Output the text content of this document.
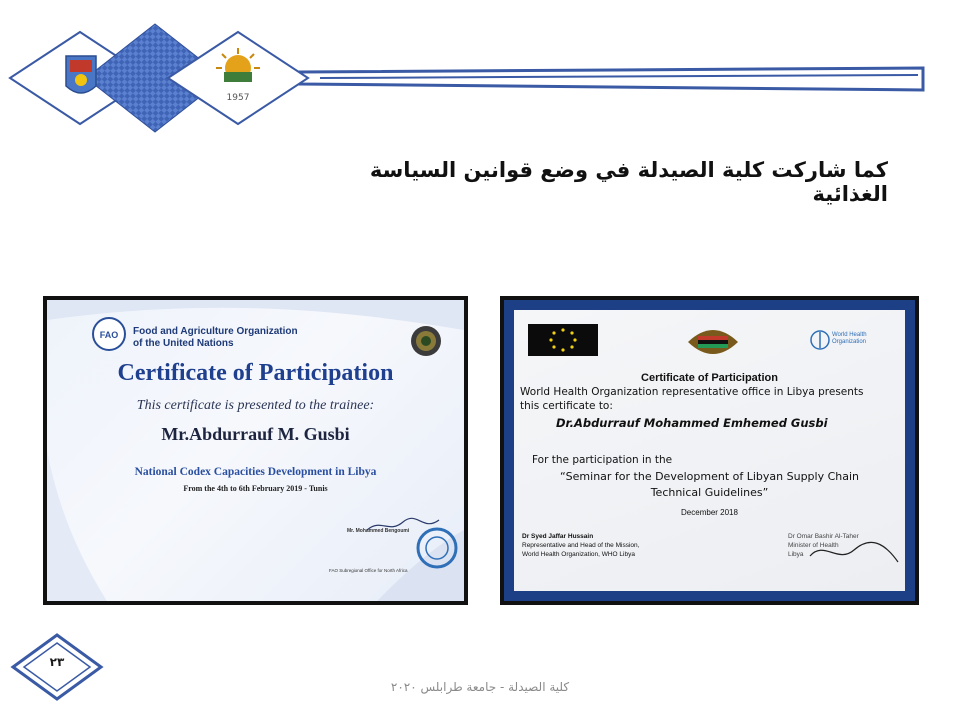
1957
كما شاركت كلية الصيدلة في وضع قوانين السياسة الغذائية
FAO Food and Agriculture Organization
of the United Nations
Certificate of Participation
This certificate is presented to the trainee:
Mr.Abdurrauf M. Gusbi
National Codex Capacities Development in Libya
From the 4th to 6th February 2019 - Tunis
Mr. Mohammed Bengoumi
FAO Subregional Office for North Africa
World Health
Organization
Certificate of Participation
World Health Organization representative office in Libya presents
this certificate to:
Dr.Abdurrauf Mohammed Emhemed Gusbi
For the participation in the
“Seminar for the Development of Libyan Supply Chain
Technical Guidelines”
December 2018
Dr Syed Jaffar Hussain
Representative and Head of the Mission,
World Health Organization, WHO Libya
Dr Omar Bashir Al-Taher
Minister of Health
Libya
٢٣
كلية الصيدلة - جامعة طرابلس ٢٠٢٠
